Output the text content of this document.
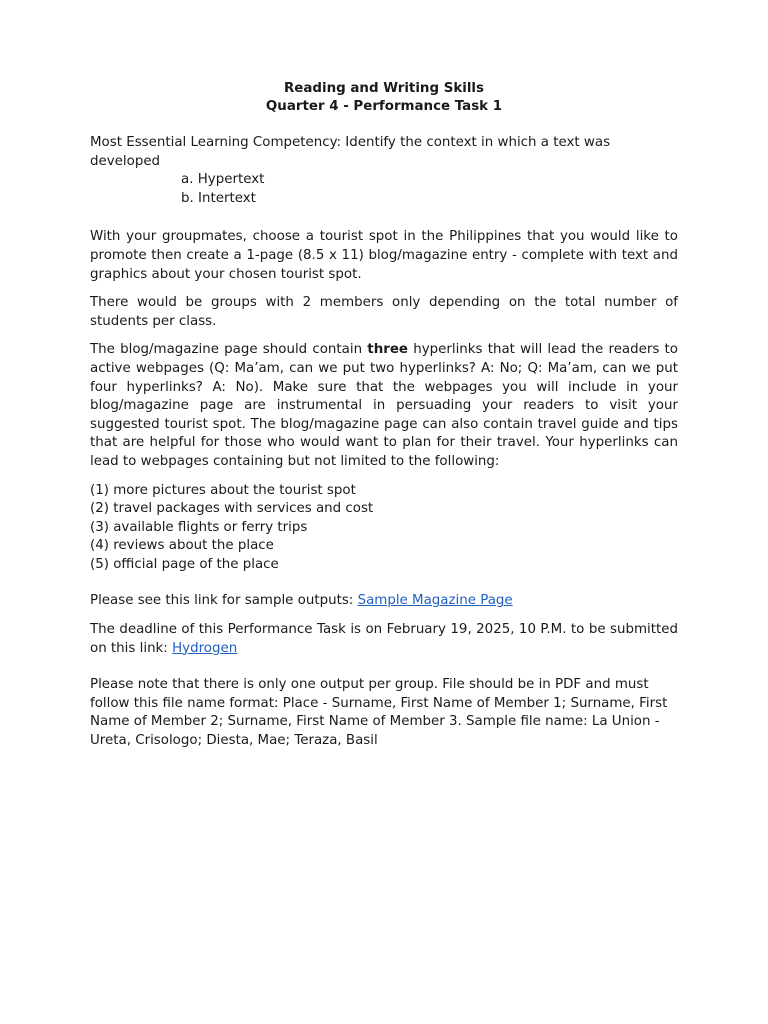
Reading and Writing Skills

Quarter 4 - Performance Task 1

Most Essential Learning Competency: Identify the context in which a text was developed
a. Hypertext
b. Intertext

With your groupmates, choose a tourist spot in the Philippines that you would like to promote then create a 1-page (8.5 x 11) blog/magazine entry - complete with text and graphics about your chosen tourist spot.

There would be groups with 2 members only depending on the total number of students per class.

The blog/magazine page should contain three hyperlinks that will lead the readers to active webpages (Q: Ma’am, can we put two hyperlinks? A: No; Q: Ma’am, can we put four hyperlinks? A: No). Make sure that the webpages you will include in your blog/magazine page are instrumental in persuading your readers to visit your suggested tourist spot. The blog/magazine page can also contain travel guide and tips that are helpful for those who would want to plan for their travel. Your hyperlinks can lead to webpages containing but not limited to the following:

(1) more pictures about the tourist spot
(2) travel packages with services and cost
(3) available flights or ferry trips
(4) reviews about the place
(5) official page of the place

Please see this link for sample outputs: Sample Magazine Page

The deadline of this Performance Task is on February 19, 2025, 10 P.M. to be submitted on this link: Hydrogen

Please note that there is only one output per group. File should be in PDF and must follow this file name format: Place - Surname, First Name of Member 1; Surname, First Name of Member 2; Surname, First Name of Member 3. Sample file name: La Union - Ureta, Crisologo; Diesta, Mae; Teraza, Basil
